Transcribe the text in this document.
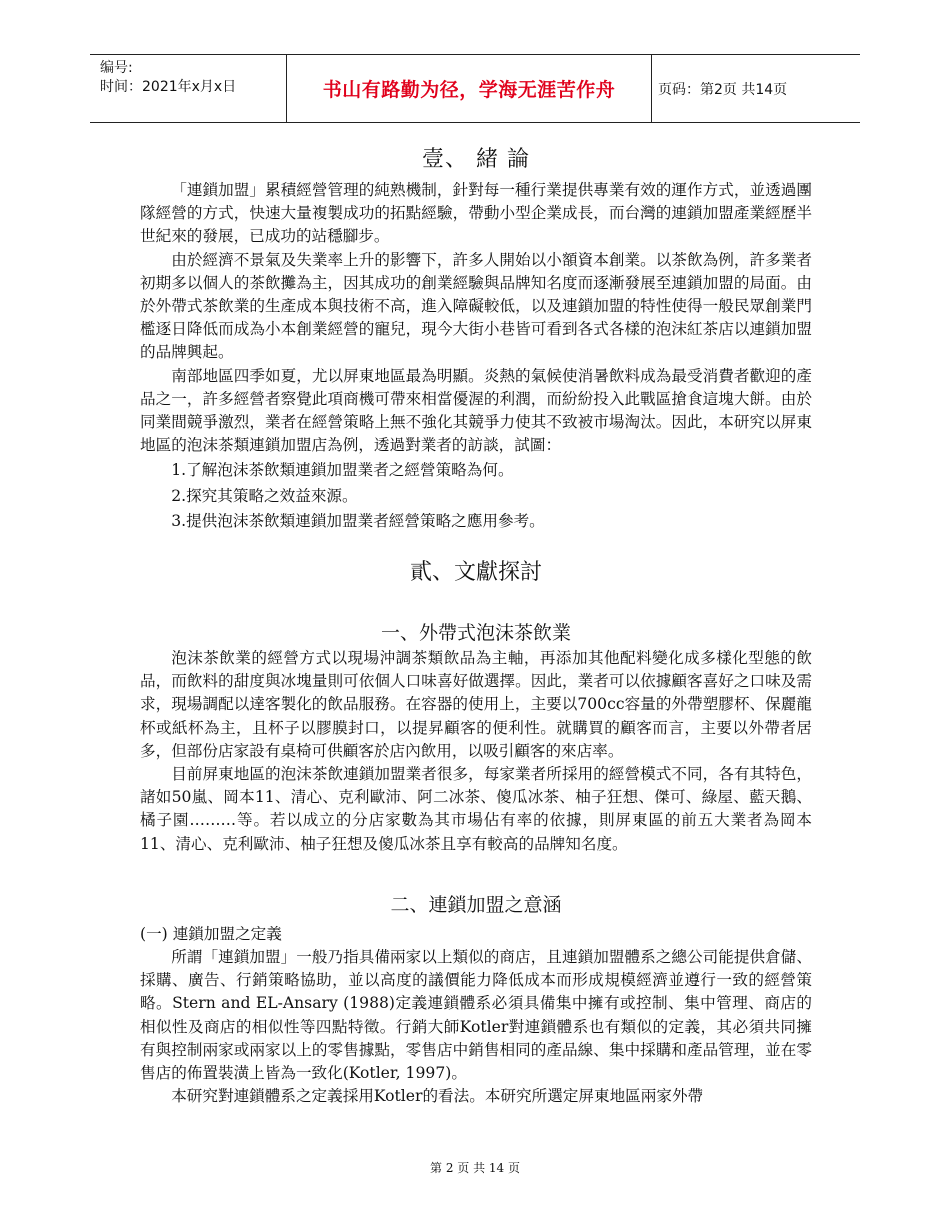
编号:
时间：2021年x月x日	书山有路勤为径，学海无涯苦作舟	页码：第2页 共14页
壹、 緒 論

「連鎖加盟」累積經營管理的純熟機制，針對每一種行業提供專業有效的運作方式，並透過團隊經營的方式，快速大量複製成功的拓點經驗，帶動小型企業成長，而台灣的連鎖加盟產業經歷半世紀來的發展，已成功的站穩腳步。

由於經濟不景氣及失業率上升的影響下，許多人開始以小額資本創業。以茶飲為例，許多業者初期多以個人的茶飲攤為主，因其成功的創業經驗與品牌知名度而逐漸發展至連鎖加盟的局面。由於外帶式茶飲業的生產成本與技術不高，進入障礙較低，以及連鎖加盟的特性使得一般民眾創業門檻逐日降低而成為小本創業經營的寵兒，現今大街小巷皆可看到各式各樣的泡沫紅茶店以連鎖加盟的品牌興起。

南部地區四季如夏，尤以屏東地區最為明顯。炎熱的氣候使消暑飲料成為最受消費者歡迎的產品之一，許多經營者察覺此項商機可帶來相當優渥的利潤，而紛紛投入此戰區搶食這塊大餅。由於同業間競爭激烈，業者在經營策略上無不強化其競爭力使其不致被市場淘汰。因此，本研究以屏東地區的泡沫茶類連鎖加盟店為例，透過對業者的訪談，試圖：

1.了解泡沫茶飲類連鎖加盟業者之經營策略為何。

2.探究其策略之效益來源。

3.提供泡沫茶飲類連鎖加盟業者經營策略之應用參考。

貳、文獻探討
一、外帶式泡沫茶飲業

泡沫茶飲業的經營方式以現場沖調茶類飲品為主軸，再添加其他配料變化成多樣化型態的飲品，而飲料的甜度與冰塊量則可依個人口味喜好做選擇。因此，業者可以依據顧客喜好之口味及需求，現場調配以達客製化的飲品服務。在容器的使用上，主要以700cc容量的外帶塑膠杯、保麗龍杯或紙杯為主，且杯子以膠膜封口，以提昇顧客的便利性。就購買的顧客而言，主要以外帶者居多，但部份店家設有桌椅可供顧客於店內飲用，以吸引顧客的來店率。

目前屏東地區的泡沫茶飲連鎖加盟業者很多，每家業者所採用的經營模式不同，各有其特色，諸如50嵐、岡本11、清心、克利歐沛、阿二冰茶、傻瓜冰茶、柚子狂想、傑可、綠屋、藍天鵝、橘子園………等。若以成立的分店家數為其市場佔有率的依據，則屏東區的前五大業者為岡本11、清心、克利歐沛、柚子狂想及傻瓜冰茶且享有較高的品牌知名度。

二、連鎖加盟之意涵

(一) 連鎖加盟之定義

所謂「連鎖加盟」一般乃指具備兩家以上類似的商店，且連鎖加盟體系之總公司能提供倉儲、採購、廣告、行銷策略協助，並以高度的議價能力降低成本而形成規模經濟並遵行一致的經營策略。Stern and EL-Ansary (1988)定義連鎖體系必須具備集中擁有或控制、集中管理、商店的相似性及商店的相似性等四點特徵。行銷大師Kotler對連鎖體系也有類似的定義，其必須共同擁有與控制兩家或兩家以上的零售據點，零售店中銷售相同的產品線、集中採購和產品管理，並在零售店的佈置裝潢上皆為一致化(Kotler, 1997)。

本研究對連鎖體系之定義採用Kotler的看法。本研究所選定屏東地區兩家外帶

第 2 页 共 14 页
